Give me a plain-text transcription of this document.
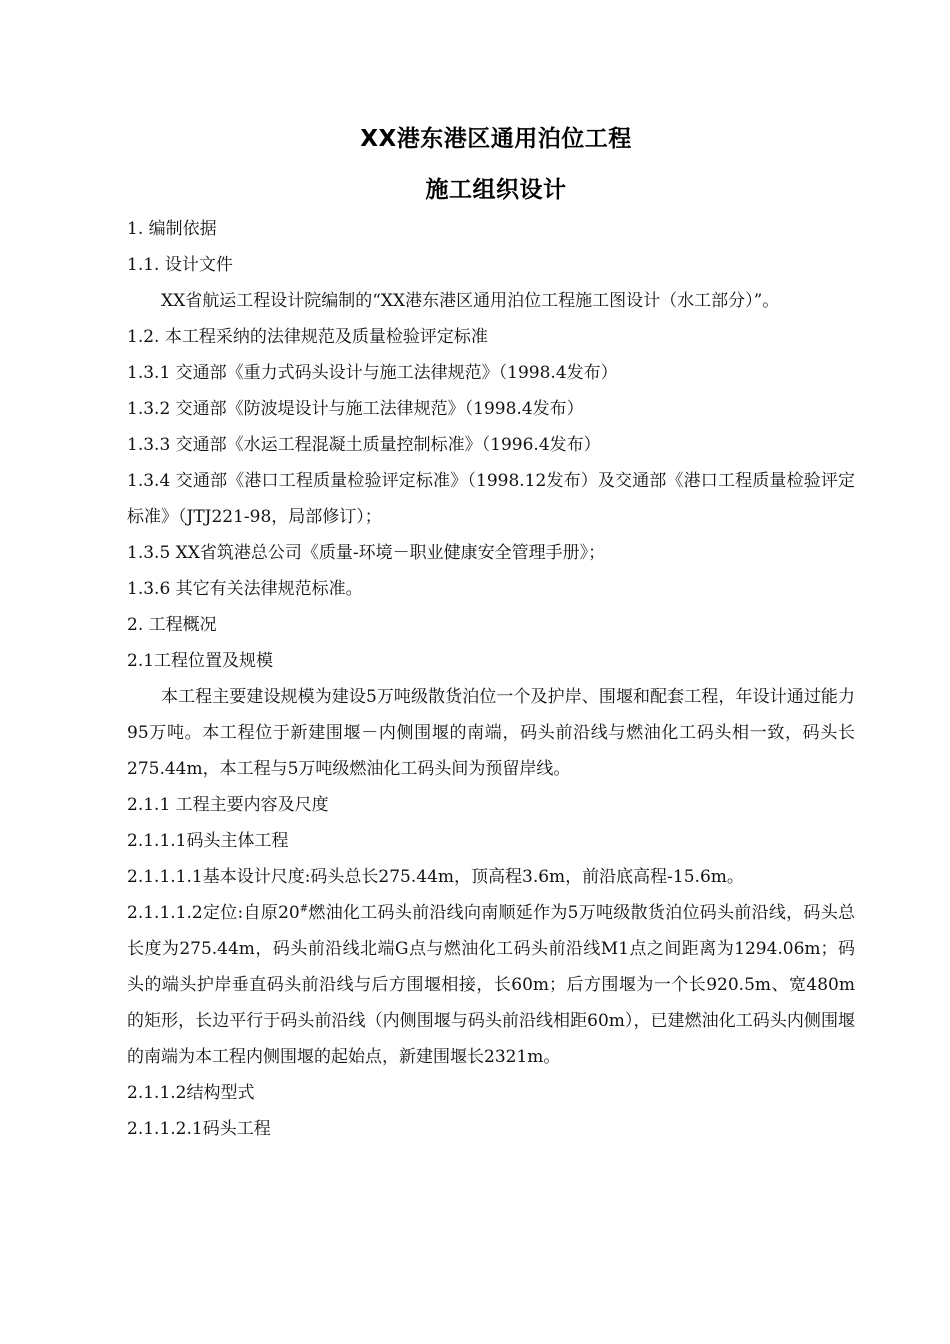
XX港东港区通用泊位工程
施工组织设计
1. 编制依据
1.1. 设计文件
XX省航运工程设计院编制的“XX港东港区通用泊位工程施工图设计（水工部分）”。
1.2. 本工程采纳的法律规范及质量检验评定标准
1.3.1 交通部《重力式码头设计与施工法律规范》（1998.4发布）
1.3.2 交通部《防波堤设计与施工法律规范》（1998.4发布）
1.3.3 交通部《水运工程混凝土质量控制标准》（1996.4发布）
1.3.4 交通部《港口工程质量检验评定标准》（1998.12发布）及交通部《港口工程质量检验评定标准》（JTJ221-98，局部修订）；
1.3.5 XX省筑港总公司《质量-环境－职业健康安全管理手册》；
1.3.6 其它有关法律规范标准。
2. 工程概况
2.1工程位置及规模
本工程主要建设规模为建设5万吨级散货泊位一个及护岸、围堰和配套工程，年设计通过能力95万吨。本工程位于新建围堰－内侧围堰的南端，码头前沿线与燃油化工码头相一致，码头长275.44m，本工程与5万吨级燃油化工码头间为预留岸线。
2.1.1 工程主要内容及尺度
2.1.1.1码头主体工程
2.1.1.1.1基本设计尺度:码头总长275.44m，顶高程3.6m，前沿底高程-15.6m。
2.1.1.1.2定位:自原20#燃油化工码头前沿线向南顺延作为5万吨级散货泊位码头前沿线，码头总长度为275.44m，码头前沿线北端G点与燃油化工码头前沿线M1点之间距离为1294.06m；码头的端头护岸垂直码头前沿线与后方围堰相接，长60m；后方围堰为一个长920.5m、宽480m的矩形，长边平行于码头前沿线（内侧围堰与码头前沿线相距60m），已建燃油化工码头内侧围堰的南端为本工程内侧围堰的起始点，新建围堰长2321m。
2.1.1.2结构型式
2.1.1.2.1码头工程
